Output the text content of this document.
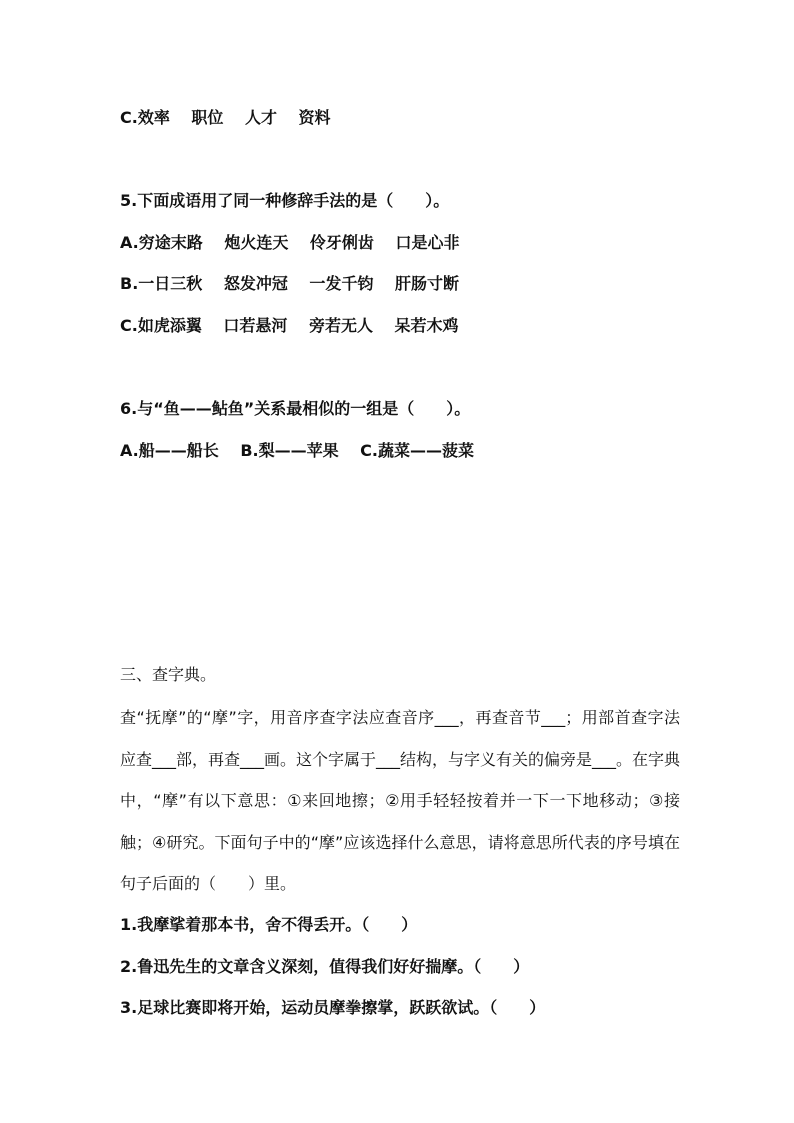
C.效率　 职位　 人才　 资料
5.下面成语用了同一种修辞手法的是（　　）。
A.穷途末路　 炮火连天　 伶牙俐齿　 口是心非
B.一日三秋　 怒发冲冠　 一发千钧　 肝肠寸断
C.如虎添翼　 口若悬河　 旁若无人　 呆若木鸡
6.与“鱼——鲇鱼”关系最相似的一组是（　　）。
A.船——船长　 B.梨——苹果　 C.蔬菜——菠菜
三、查字典。
查“抚摩”的“摩”字，用音序查字法应查音序___，再查音节___；用部首查字法应查___部，再查___画。这个字属于___结构，与字义有关的偏旁是___。在字典中，“摩”有以下意思：①来回地擦；②用手轻轻按着并一下一下地移动；③接触；④研究。下面句子中的“摩”应该选择什么意思，请将意思所代表的序号填在句子后面的（　　）里。
1.我摩挲着那本书，舍不得丢开。（　　）
2.鲁迅先生的文章含义深刻，值得我们好好揣摩。（　　）
3.足球比赛即将开始，运动员摩拳擦掌，跃跃欲试。（　　）
